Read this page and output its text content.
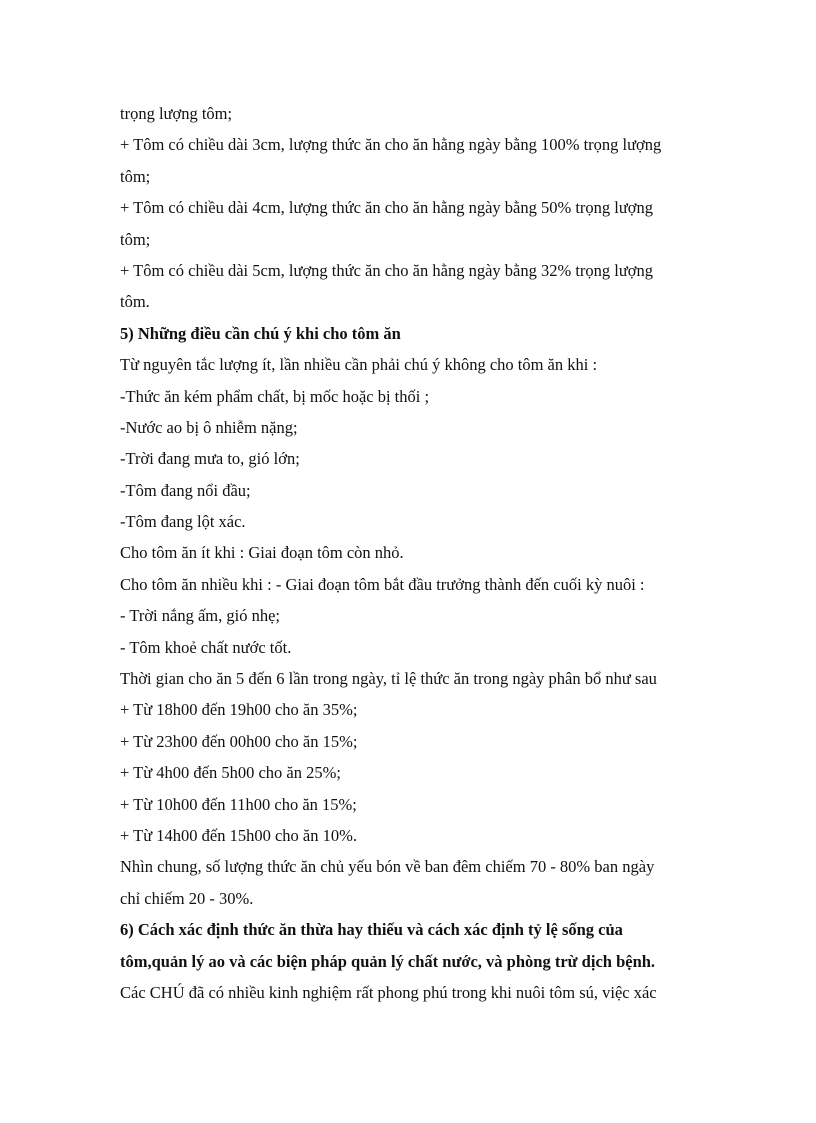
trọng lượng tôm;
+ Tôm có chiều dài 3cm, lượng thức ăn cho ăn hằng ngày bằng 100% trọng lượng
tôm;
+ Tôm có chiều dài 4cm, lượng thức ăn cho ăn hằng ngày bằng 50% trọng lượng
tôm;
+ Tôm có chiều dài 5cm, lượng thức ăn cho ăn hằng ngày bằng 32% trọng lượng
tôm.
5) Những điều cần chú ý khi cho tôm ăn
Từ nguyên tắc lượng ít, lần nhiều cần phải chú ý không cho tôm ăn khi :
-Thức ăn kém phẩm chất, bị mốc hoặc bị thối ;
-Nước ao bị ô nhiễm nặng;
-Trời đang mưa to, gió lớn;
-Tôm đang nổi đầu;
-Tôm đang lột xác.
Cho tôm ăn ít khi : Giai đoạn tôm còn nhỏ.
Cho tôm ăn nhiều khi : - Giai đoạn tôm bắt đầu trưởng thành đến cuối kỳ nuôi :
- Trời nắng ấm, gió nhẹ;
- Tôm khoẻ chất nước tốt.
Thời gian cho ăn 5 đến 6 lần trong ngày, tỉ lệ thức ăn trong ngày phân bổ như sau
+ Từ 18h00 đến 19h00 cho ăn 35%;
+ Từ 23h00 đến 00h00 cho ăn 15%;
+ Từ 4h00 đến 5h00 cho ăn 25%;
+ Từ 10h00 đến 11h00 cho ăn 15%;
+ Từ 14h00 đến 15h00 cho ăn 10%.
Nhìn chung, số lượng thức ăn chủ yếu bón về ban đêm chiếm 70 - 80% ban ngày
chỉ chiếm 20 - 30%.
6) Cách xác định thức ăn thừa hay thiếu và cách xác định tỷ lệ sống của
tôm,quản lý ao và các biện pháp quản lý chất nước, và phòng trừ dịch bệnh.
Các CHÚ đã có nhiều kinh nghiệm rất phong phú trong khi nuôi tôm sú, việc xác
